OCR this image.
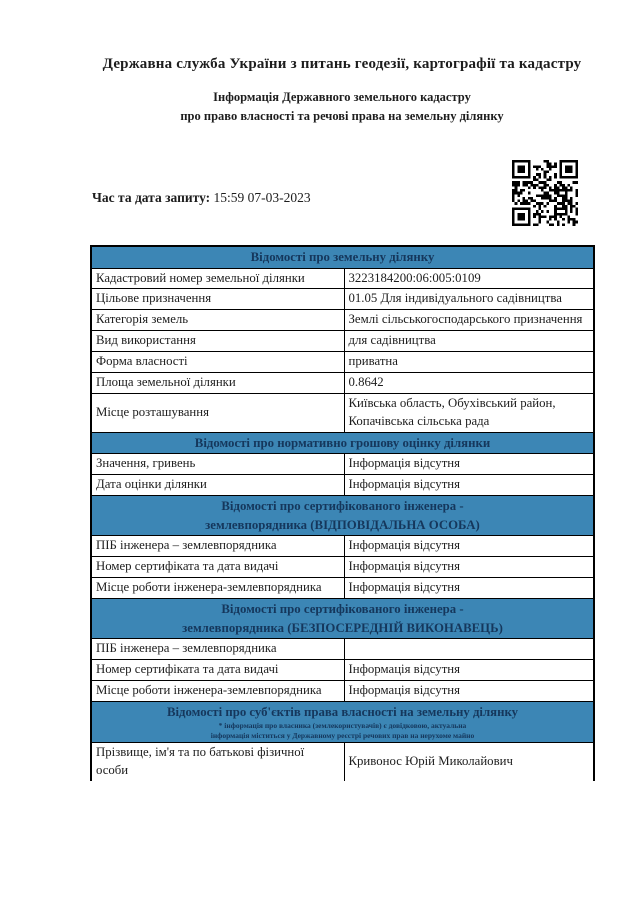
Державна служба України з питань геодезії, картографії та кадастру
Інформація Державного земельного кадастру
про право власності та речові права на земельну ділянку
Час та дата запиту: 15:59 07-03-2023
Відомості про земельну ділянку	

Кадастровий номер земельної ділянки	3223184200:06:005:0109
Цільове призначення	01.05 Для індивідуального садівництва
Категорія земель	Землі сільськогосподарського призначення
Вид використання	для садівництва
Форма власності	приватна
Площа земельної ділянки	0.8642
Місце розташування	Київська область, Обухівський район, Копачівська сільська рада

Відомості про нормативно грошову оцінку ділянки	

Значення, гривень	Інформація відсутня
Дата оцінки ділянки	Інформація відсутня

Відомості про сертифікованого інженера -
землевпорядника (ВІДПОВІДАЛЬНА ОСОБА)	

ПІБ інженера – землевпорядника	Інформація відсутня
Номер сертифіката та дата видачі	Інформація відсутня
Місце роботи інженера-землевпорядника	Інформація відсутня

Відомості про сертифікованого інженера -
землевпорядника (БЕЗПОСЕРЕДНІЙ ВИКОНАВЕЦЬ)	

ПІБ інженера – землевпорядника	
Номер сертифіката та дата видачі	Інформація відсутня
Місце роботи інженера-землевпорядника	Інформація відсутня

Відомості про суб'єктів права власності на земельну ділянку
* інформація про власника (землекористувачів) є довідковою, актуальна
інформація міститься у Державному реєстрі речових прав на нерухоме майно	

Прізвище, ім'я та по батькові фізичної особи	Кривонос Юрій Миколайович
